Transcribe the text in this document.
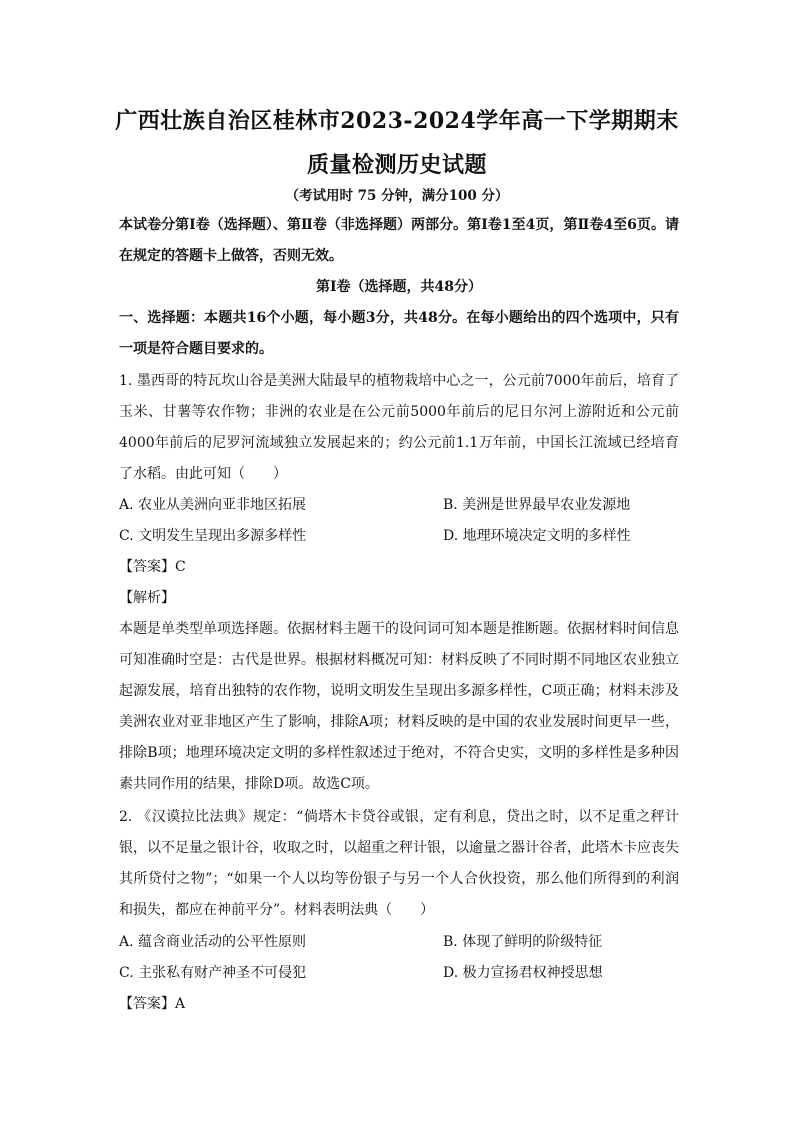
广西壮族自治区桂林市2023-2024学年高一下学期期末
质量检测历史试题
（考试用时 75 分钟，满分100 分）
本试卷分第Ⅰ卷（选择题）、第Ⅱ卷（非选择题）两部分。第Ⅰ卷1至4页，第Ⅱ卷4至6页。请在规定的答题卡上做答，否则无效。
第Ⅰ卷（选择题，共48分）
一、选择题：本题共16个小题，每小题3分，共48分。在每小题给出的四个选项中，只有一项是符合题目要求的。
1. 墨西哥的特瓦坎山谷是美洲大陆最早的植物栽培中心之一，公元前7000年前后，培育了玉米、甘薯等农作物；非洲的农业是在公元前5000年前后的尼日尔河上游附近和公元前4000年前后的尼罗河流域独立发展起来的；约公元前1.1万年前，中国长江流域已经培育了水稻。由此可知（　　）
A. 农业从美洲向亚非地区拓展	B. 美洲是世界最早农业发源地
C. 文明发生呈现出多源多样性	D. 地理环境决定文明的多样性
【答案】C
【解析】
本题是单类型单项选择题。依据材料主题干的设问词可知本题是推断题。依据材料时间信息可知准确时空是：古代是世界。根据材料概况可知：材料反映了不同时期不同地区农业独立起源发展，培育出独特的农作物，说明文明发生呈现出多源多样性，C项正确；材料未涉及美洲农业对亚非地区产生了影响，排除A项；材料反映的是中国的农业发展时间更早一些，排除B项；地理环境决定文明的多样性叙述过于绝对，不符合史实，文明的多样性是多种因素共同作用的结果，排除D项。故选C项。
2. 《汉谟拉比法典》规定：“倘塔木卡贷谷或银，定有利息，贷出之时，以不足重之秤计银，以不足量之银计谷，收取之时，以超重之秤计银，以逾量之器计谷者，此塔木卡应丧失其所贷付之物”；“如果一个人以均等份银子与另一个人合伙投资，那么他们所得到的利润和损失，都应在神前平分”。材料表明法典（　　）
A. 蕴含商业活动的公平性原则	B. 体现了鲜明的阶级特征
C. 主张私有财产神圣不可侵犯	D. 极力宣扬君权神授思想
【答案】A
